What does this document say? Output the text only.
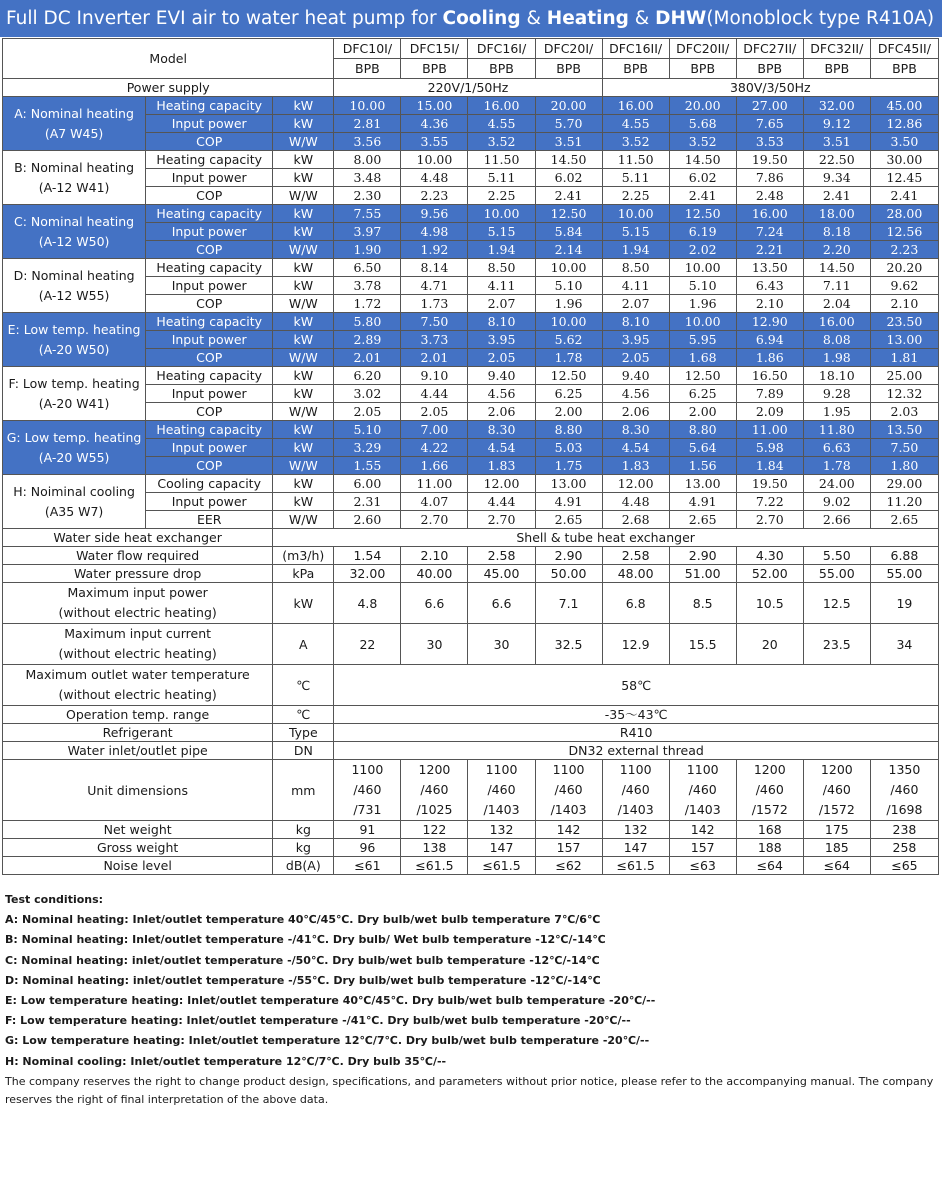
Full DC Inverter EVI air to water heat pump for Cooling & Heating & DHW(Monoblock type R410A)
Model			DFC10I/	DFC15I/	DFC16I/	DFC20I/	DFC16II/	DFC20II/	DFC27II/	DFC32II/	DFC45II/
			BPB	BPB	BPB	BPB	BPB	BPB	BPB	BPB	BPB
Power supply			220V/1/50Hz				380V/3/50Hz				
A: Nominal heating
(A7 W45)	Heating capacity	kW	10.00	15.00	16.00	20.00	16.00	20.00	27.00	32.00	45.00
	Input power	kW	2.81	4.36	4.55	5.70	4.55	5.68	7.65	9.12	12.86
	COP	W/W	3.56	3.55	3.52	3.51	3.52	3.52	3.53	3.51	3.50
B: Nominal heating
(A-12 W41)	Heating capacity	kW	8.00	10.00	11.50	14.50	11.50	14.50	19.50	22.50	30.00
	Input power	kW	3.48	4.48	5.11	6.02	5.11	6.02	7.86	9.34	12.45
	COP	W/W	2.30	2.23	2.25	2.41	2.25	2.41	2.48	2.41	2.41
C: Nominal heating
(A-12 W50)	Heating capacity	kW	7.55	9.56	10.00	12.50	10.00	12.50	16.00	18.00	28.00
	Input power	kW	3.97	4.98	5.15	5.84	5.15	6.19	7.24	8.18	12.56
	COP	W/W	1.90	1.92	1.94	2.14	1.94	2.02	2.21	2.20	2.23
D: Nominal heating
(A-12 W55)	Heating capacity	kW	6.50	8.14	8.50	10.00	8.50	10.00	13.50	14.50	20.20
	Input power	kW	3.78	4.71	4.11	5.10	4.11	5.10	6.43	7.11	9.62
	COP	W/W	1.72	1.73	2.07	1.96	2.07	1.96	2.10	2.04	2.10
E: Low temp. heating
(A-20 W50)	Heating capacity	kW	5.80	7.50	8.10	10.00	8.10	10.00	12.90	16.00	23.50
	Input power	kW	2.89	3.73	3.95	5.62	3.95	5.95	6.94	8.08	13.00
	COP	W/W	2.01	2.01	2.05	1.78	2.05	1.68	1.86	1.98	1.81
F: Low temp. heating
(A-20 W41)	Heating capacity	kW	6.20	9.10	9.40	12.50	9.40	12.50	16.50	18.10	25.00
	Input power	kW	3.02	4.44	4.56	6.25	4.56	6.25	7.89	9.28	12.32
	COP	W/W	2.05	2.05	2.06	2.00	2.06	2.00	2.09	1.95	2.03
G: Low temp. heating
(A-20 W55)	Heating capacity	kW	5.10	7.00	8.30	8.80	8.30	8.80	11.00	11.80	13.50
	Input power	kW	3.29	4.22	4.54	5.03	4.54	5.64	5.98	6.63	7.50
	COP	W/W	1.55	1.66	1.83	1.75	1.83	1.56	1.84	1.78	1.80
H: Noiminal cooling
(A35 W7)	Cooling capacity	kW	6.00	11.00	12.00	13.00	12.00	13.00	19.50	24.00	29.00
	Input power	kW	2.31	4.07	4.44	4.91	4.48	4.91	7.22	9.02	11.20
	EER	W/W	2.60	2.70	2.70	2.65	2.68	2.65	2.70	2.66	2.65
Water side heat exchanger		Shell & tube heat exchanger									
Water flow required		(m3/h)	1.54	2.10	2.58	2.90	2.58	2.90	4.30	5.50	6.88
Water pressure drop		kPa	32.00	40.00	45.00	50.00	48.00	51.00	52.00	55.00	55.00
Maximum input power
(without electric heating)		kW	4.8	6.6	6.6	7.1	6.8	8.5	10.5	12.5	19
Maximum input current
(without electric heating)		A	22	30	30	32.5	12.9	15.5	20	23.5	34
Maximum outlet water temperature
(without electric heating)		℃	58℃								
Operation temp. range		℃	-35～43℃								
Refrigerant		Type	R410								
Water inlet/outlet pipe		DN	DN32 external thread								
Unit dimensions		mm	1100
/460
/731	1200
/460
/1025	1100
/460
/1403	1100
/460
/1403	1100
/460
/1403	1100
/460
/1403	1200
/460
/1572	1200
/460
/1572	1350
/460
/1698
Net weight		kg	91	122	132	142	132	142	168	175	238
Gross weight		kg	96	138	147	157	147	157	188	185	258
Noise level		dB(A)	≤61	≤61.5	≤61.5	≤62	≤61.5	≤63	≤64	≤64	≤65
Test conditions:
A: Nominal heating: Inlet/outlet temperature 40℃/45℃. Dry bulb/wet bulb temperature 7℃/6℃
B: Nominal heating: Inlet/outlet temperature -/41℃. Dry bulb/ Wet bulb temperature -12℃/-14℃
C: Nominal heating: inlet/outlet temperature -/50℃. Dry bulb/wet bulb temperature -12℃/-14℃
D: Nominal heating: inlet/outlet temperature -/55℃. Dry bulb/wet bulb temperature -12℃/-14℃
E: Low temperature heating: Inlet/outlet temperature 40℃/45℃. Dry bulb/wet bulb temperature -20℃/--
F: Low temperature heating: Inlet/outlet temperature -/41℃. Dry bulb/wet bulb temperature -20℃/--
G: Low temperature heating: Inlet/outlet temperature 12℃/7℃. Dry bulb/wet bulb temperature -20℃/--
H: Nominal cooling: Inlet/outlet temperature 12℃/7℃. Dry bulb 35℃/--
The company reserves the right to change product design, specifications, and parameters without prior notice, please refer to the accompanying manual. The company reserves the right of final interpretation of the above data.
